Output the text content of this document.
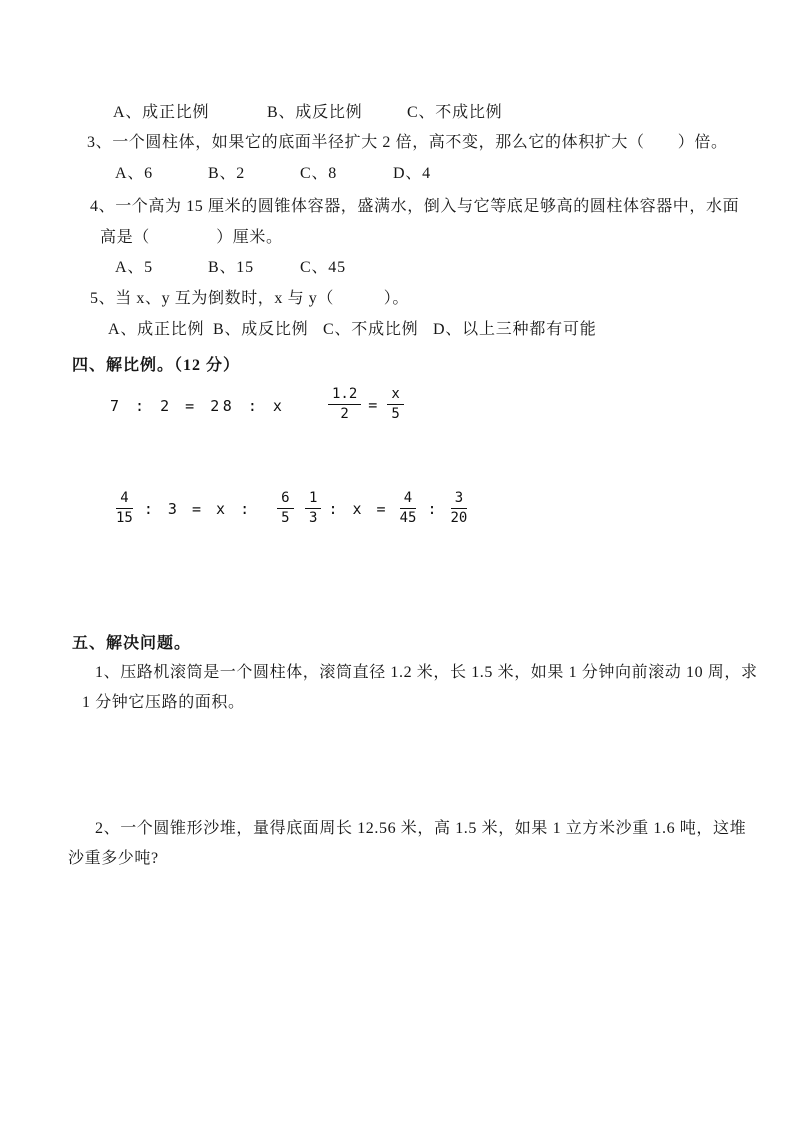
A、成正比例	B、成反比例	C、不成比例
3、一个圆柱体，如果它的底面半径扩大 2 倍，高不变，那么它的体积扩大（　　）倍。
A、6	B、2	C、8	D、4
4、一个高为 15 厘米的圆锥体容器，盛满水，倒入与它等底足够高的圆柱体容器中，水面
高是（　　　　）厘米。
A、5	B、15	C、45
5、当 x、y 互为倒数时，x 与 y（　　　）。
A、成正比例 B、成反比例 C、不成比例 D、以上三种都有可能
四、解比例。（12 分）
7 : 2 = 28 : x	$\frac{1.2}{2} = \frac{x}{5}$
$\frac{4}{15}$ : 3 = x : $\frac{6}{5} \frac{1}{3}$ : $x = \frac{4}{45}$ : $\frac{3}{20}$
五、解决问题。
1、压路机滚筒是一个圆柱体，滚筒直径 1.2 米，长 1.5 米，如果 1 分钟向前滚动 10 周，求
1 分钟它压路的面积。
2、一个圆锥形沙堆，量得底面周长 12.56 米，高 1.5 米，如果 1 立方米沙重 1.6 吨，这堆
沙重多少吨?
